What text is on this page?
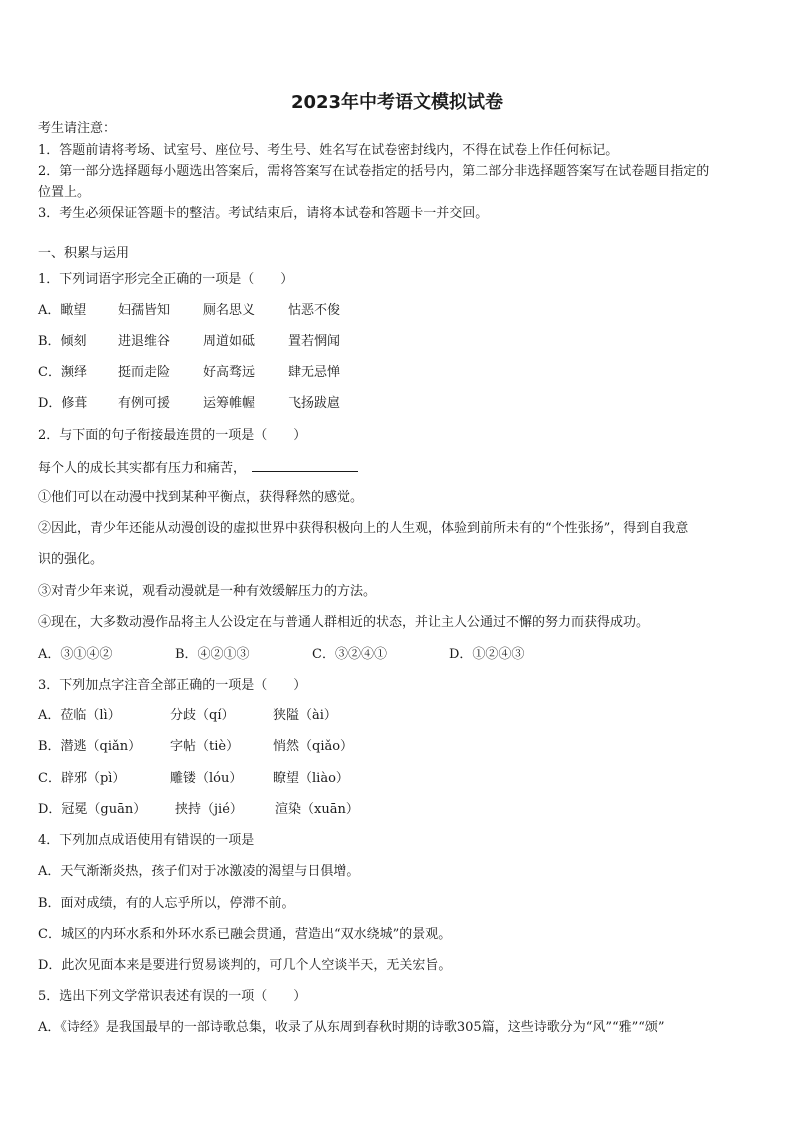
2023年中考语文模拟试卷
考生请注意：
1．答题前请将考场、试室号、座位号、考生号、姓名写在试卷密封线内，不得在试卷上作任何标记。
2．第一部分选择题每小题选出答案后，需将答案写在试卷指定的括号内，第二部分非选择题答案写在试卷题目指定的
位置上。
3．考生必须保证答题卡的整洁。考试结束后，请将本试卷和答题卡一并交回。
一、积累与运用
1．下列词语字形完全正确的一项是（　　）
A．瞰望 妇孺皆知	厕名思义	怙恶不俊
B．倾刻 进退维谷	周道如砥	置若惘闻
C．濒绎 挺而走险	好高骛远	肆无忌惮
D．修葺 有例可援	运筹帷幄	飞扬跋扈
2．与下面的句子衔接最连贯的一项是（　　）
每个人的成长其实都有压力和痛苦，
①他们可以在动漫中找到某种平衡点，获得释然的感觉。
②因此，青少年还能从动漫创设的虚拟世界中获得积极向上的人生观，体验到前所未有的“个性张扬”，得到自我意
识的强化。
③对青少年来说，观看动漫就是一种有效缓解压力的方法。
④现在，大多数动漫作品将主人公设定在与普通人群相近的状态，并让主人公通过不懈的努力而获得成功。
A．③①④②	B．④②①③	C．③②④①	D．①②④③
3．下列加点字注音全部正确的一项是（　　）
A．莅临（lì）	分歧（qí）	狭隘（ài）
B．潜逃（qiǎn） 字帖（tiè）	悄然（qiǎo）
C．辟邪（pì）	雕镂（lóu） 瞭望（liào）
D．冠冕（guān） 挟持（jié） 渲染（xuān）
4．下列加点成语使用有错误的一项是
A．天气渐渐炎热，孩子们对于冰激凌的渴望与日俱增。
B．面对成绩，有的人忘乎所以，停滞不前。
C．城区的内环水系和外环水系已融会贯通，营造出“双水绕城”的景观。
D．此次见面本来是要进行贸易谈判的，可几个人空谈半天，无关宏旨。
5．选出下列文学常识表述有误的一项（　　）
A．《诗经》是我国最早的一部诗歌总集，收录了从东周到春秋时期的诗歌305篇，这些诗歌分为“风”“雅”“颂”
